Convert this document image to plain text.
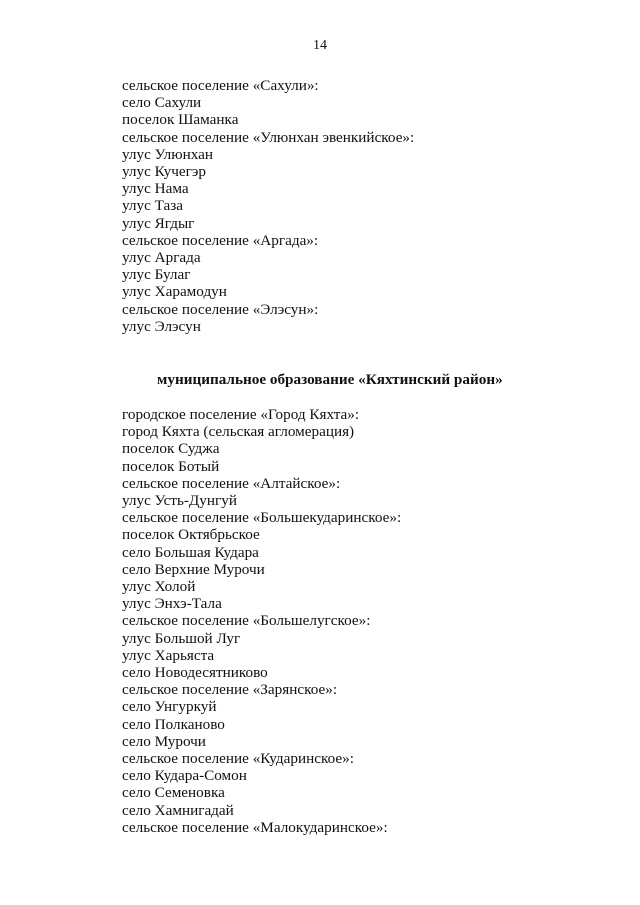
14
сельское поселение «Сахули»:
село Сахули
поселок Шаманка
сельское поселение «Улюнхан эвенкийское»:
улус Улюнхан
улус Кучегэр
улус Нама
улус Таза
улус Ягдыг
сельское поселение «Аргада»:
улус Аргада
улус Булаг
улус Харамодун
сельское поселение «Элэсун»:
улус Элэсун
муниципальное образование «Кяхтинский район»
городское поселение «Город Кяхта»:
город Кяхта (сельская агломерация)
поселок Суджа
поселок Ботый
сельское поселение «Алтайское»:
улус Усть-Дунгуй
сельское поселение «Большекударинское»:
поселок Октябрьское
село Большая Кудара
село Верхние Мурочи
улус Холой
улус Энхэ-Тала
сельское поселение «Большелугское»:
улус Большой Луг
улус Харьяста
село Новодесятниково
сельское поселение «Зарянское»:
село Унгуркуй
село Полканово
село Мурочи
сельское поселение «Кударинское»:
село Кудара-Сомон
село Семеновка
село Хамнигадай
сельское поселение «Малокударинское»:
